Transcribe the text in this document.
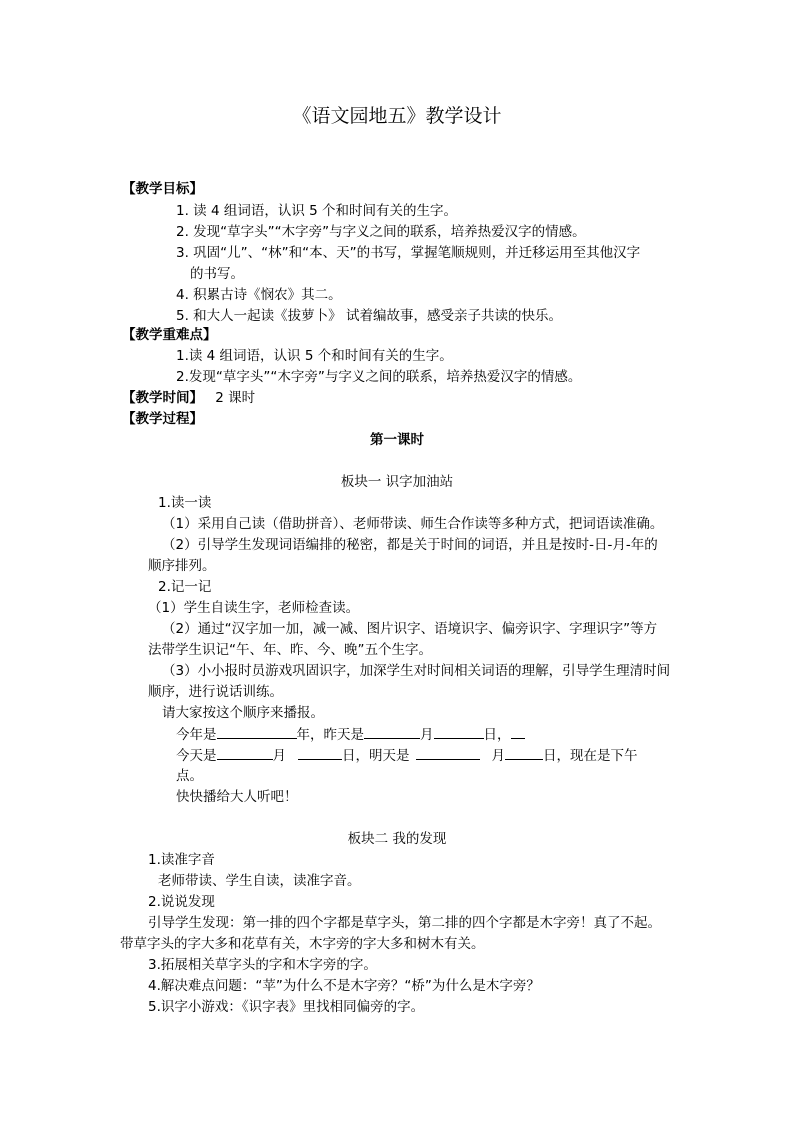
《语文园地五》教学设计
【教学目标】
1. 读 4 组词语，认识 5 个和时间有关的生字。
2. 发现“草字头”“木字旁”与字义之间的联系，培养热爱汉字的情感。
3. 巩固“儿”、“林”和“本、天”的书写，掌握笔顺规则，并迁移运用至其他汉字
的书写。
4. 积累古诗《悯农》其二。
5. 和大人一起读《拔萝卜》 试着编故事，感受亲子共读的快乐。
【教学重难点】
1.读 4 组词语，认识 5 个和时间有关的生字。
2.发现“草字头”“木字旁”与字义之间的联系，培养热爱汉字的情感。
【教学时间】 2 课时
【教学过程】
第一课时
板块一 识字加油站
1.读一读
（1）采用自己读（借助拼音）、老师带读、师生合作读等多种方式，把词语读准确。
（2）引导学生发现词语编排的秘密，都是关于时间的词语，并且是按时-日-月-年的
顺序排列。
2.记一记
（1）学生自读生字，老师检查读。
（2）通过“汉字加一加，减一减、图片识字、语境识字、偏旁识字、字理识字”等方
法带学生识记“午、年、昨、今、晚”五个生字。
（3）小小报时员游戏巩固识字，加深学生对时间相关词语的理解，引导学生理清时间
顺序，进行说话训练。
请大家按这个顺序来播报。
今年是	年，昨天是	月	日，
今天是	月	日，明天是	月	日，现在是下午
点。
快快播给大人听吧！
板块二 我的发现
1.读准字音
老师带读、学生自读，读准字音。
2.说说发现
引导学生发现：第一排的四个字都是草字头，第二排的四个字都是木字旁！真了不起。
带草字头的字大多和花草有关，木字旁的字大多和树木有关。
3.拓展相关草字头的字和木字旁的字。
4.解决难点问题：“苹”为什么不是木字旁？“桥”为什么是木字旁？
5.识字小游戏：《识字表》里找相同偏旁的字。
